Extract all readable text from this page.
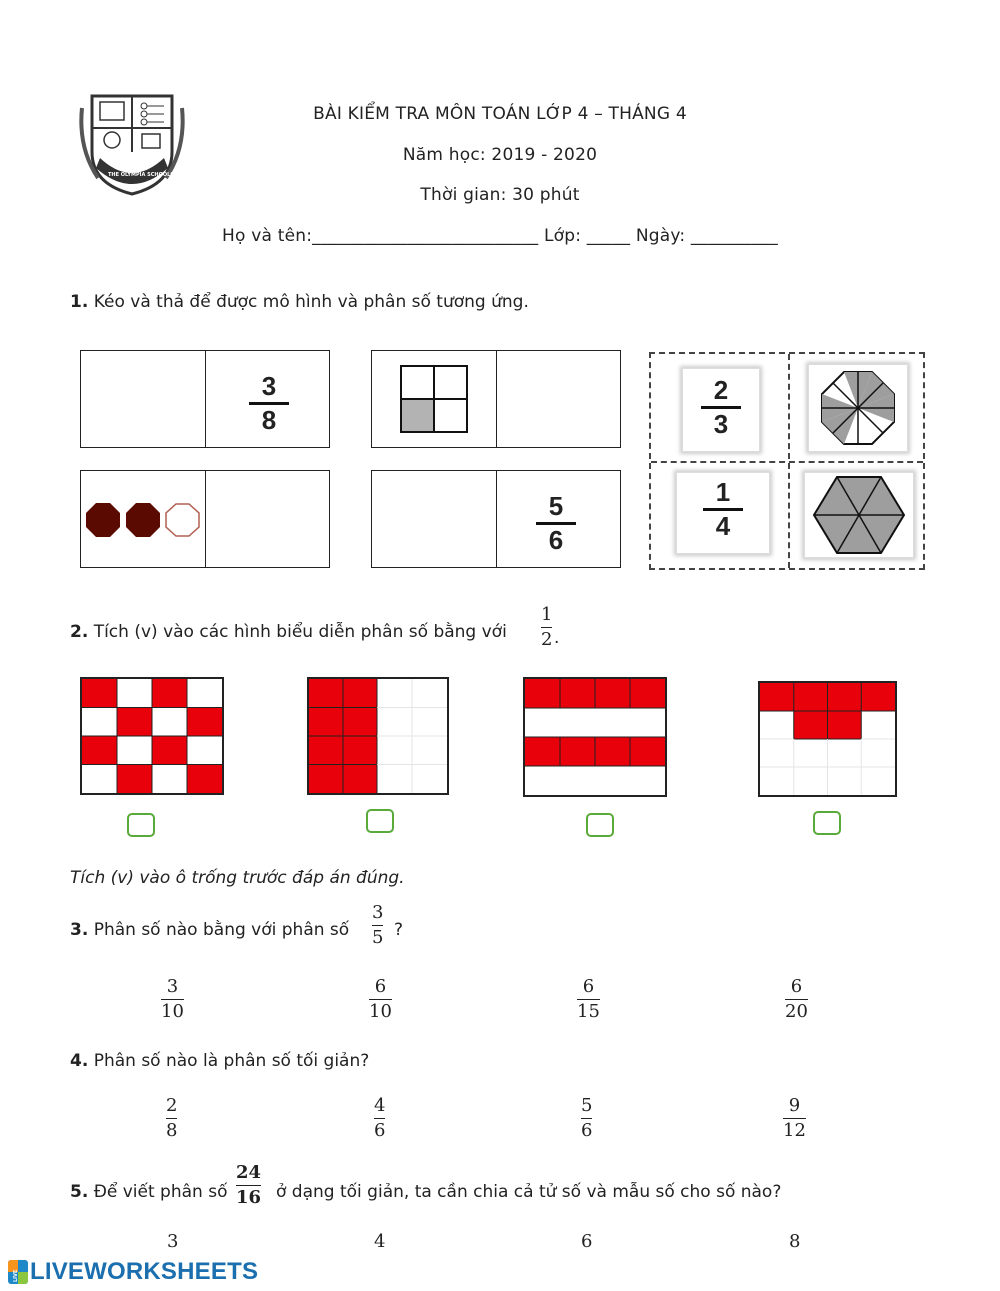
THE OLYMPIA SCHOOLS
BÀI KIỂM TRA MÔN TOÁN LỚP 4 – THÁNG 4
Năm học: 2019 - 2020
Thời gian: 30 phút
Họ và tên:__________________________ Lớp: _____ Ngày: __________
1. Kéo và thả để được mô hình và phân số tương ứng.
3
8
5
6
2
3
1
4
2. Tích (v) vào các hình biểu diễn phân số bằng với
1
2 .
Tích (v) vào ô trống trước đáp án đúng.
3. Phân số nào bằng với phân số
3
5 ?
3
10
6
10
6
15
6
20
4. Phân số nào là phân số tối giản?
2
8
4
6
5
6
9
12
5. Để viết phân số
24
16 ở dạng tối giản, ta cần chia cả tử số và mẫu số cho số nào?
3	4	6	8
LIVE LIVEWORKSHEETS
